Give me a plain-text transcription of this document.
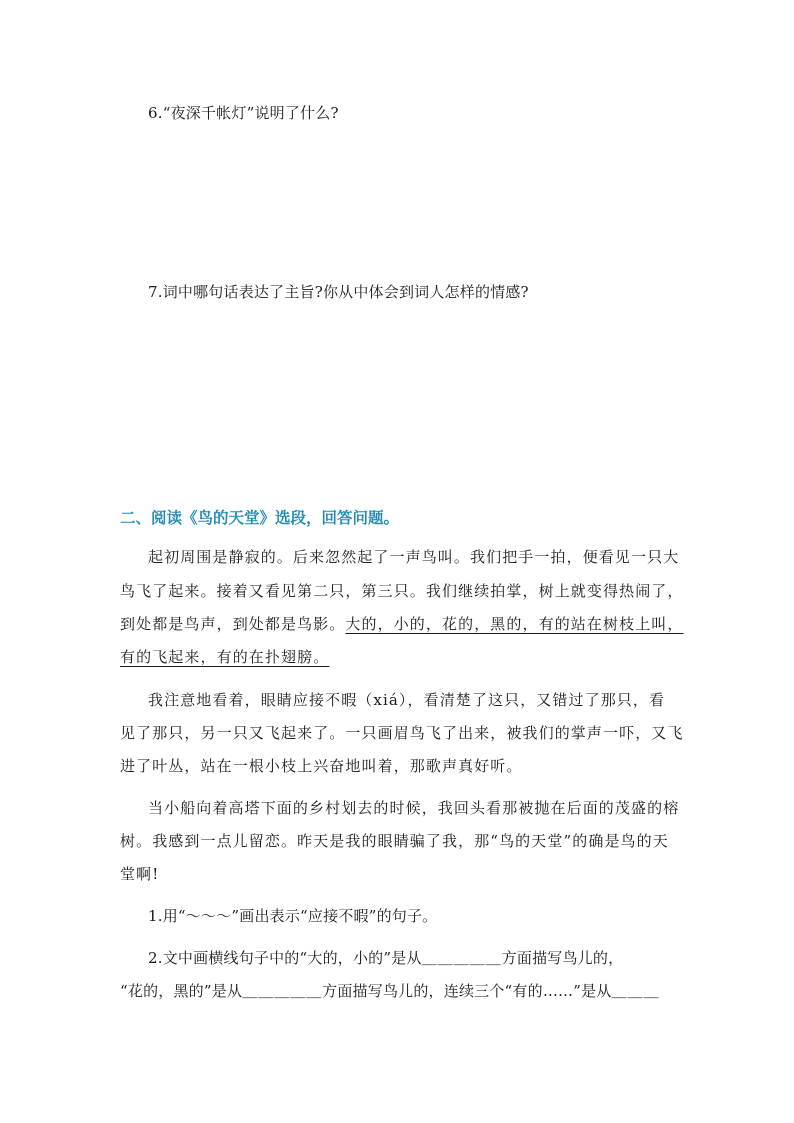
6.“夜深千帐灯”说明了什么?
7.词中哪句话表达了主旨?你从中体会到词人怎样的情感?
二、阅读《鸟的天堂》选段，回答问题。
起初周围是静寂的。后来忽然起了一声鸟叫。我们把手一拍，便看见一只大
鸟飞了起来。接着又看见第二只，第三只。我们继续拍掌，树上就变得热闹了，
到处都是鸟声，到处都是鸟影。大的，小的，花的，黑的，有的站在树枝上叫，
有的飞起来，有的在扑翅膀。
我注意地看着，眼睛应接不暇（xiá），看清楚了这只，又错过了那只，看
见了那只，另一只又飞起来了。一只画眉鸟飞了出来，被我们的掌声一吓，又飞
进了叶丛，站在一根小枝上兴奋地叫着，那歌声真好听。
当小船向着高塔下面的乡村划去的时候，我回头看那被抛在后面的茂盛的榕
树。我感到一点儿留恋。昨天是我的眼睛骗了我，那“鸟的天堂”的确是鸟的天
堂啊!
1.用“～～～”画出表示“应接不暇”的句子。
2.文中画横线句子中的“大的，小的”是从＿＿＿＿＿方面描写鸟儿的，
“花的，黑的”是从＿＿＿＿＿方面描写鸟儿的，连续三个“有的……”是从＿＿＿
